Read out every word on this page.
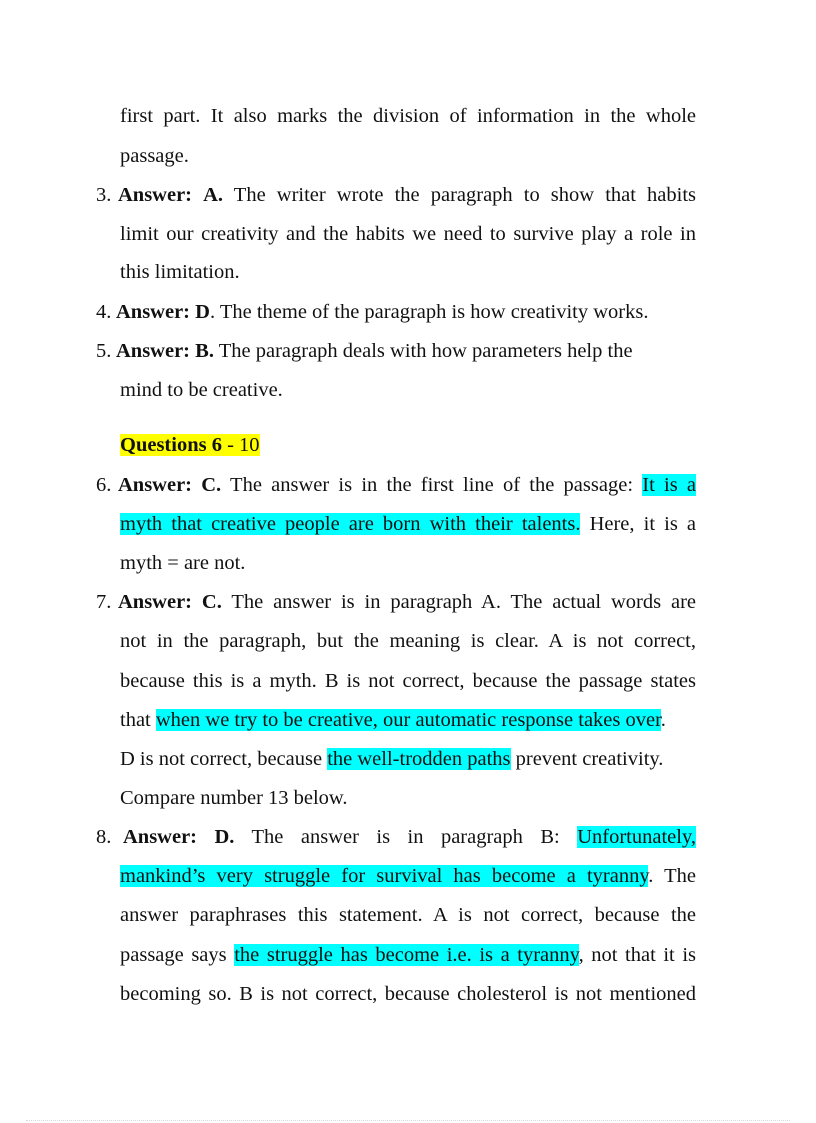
first part. It also marks the division of information in the whole
passage.
3. Answer: A. The writer wrote the paragraph to show that habits
limit our creativity and the habits we need to survive play a role in
this limitation.
4. Answer: D. The theme of the paragraph is how creativity works.
5. Answer: B. The paragraph deals with how parameters help the
mind to be creative.
Questions 6 - 10
6. Answer: C. The answer is in the first line of the passage: It is a
myth that creative people are born with their talents. Here, it is a
myth = are not.
7. Answer: C. The answer is in paragraph A. The actual words are
not in the paragraph, but the meaning is clear. A is not correct,
because this is a myth. B is not correct, because the passage states
that when we try to be creative, our automatic response takes over.
D is not correct, because the well-trodden paths prevent creativity.
Compare number 13 below.
8. Answer: D. The answer is in paragraph B: Unfortunately,
mankind’s very struggle for survival has become a tyranny. The
answer paraphrases this statement. A is not correct, because the
passage says the struggle has become i.e. is a tyranny, not that it is
becoming so. B is not correct, because cholesterol is not mentioned
